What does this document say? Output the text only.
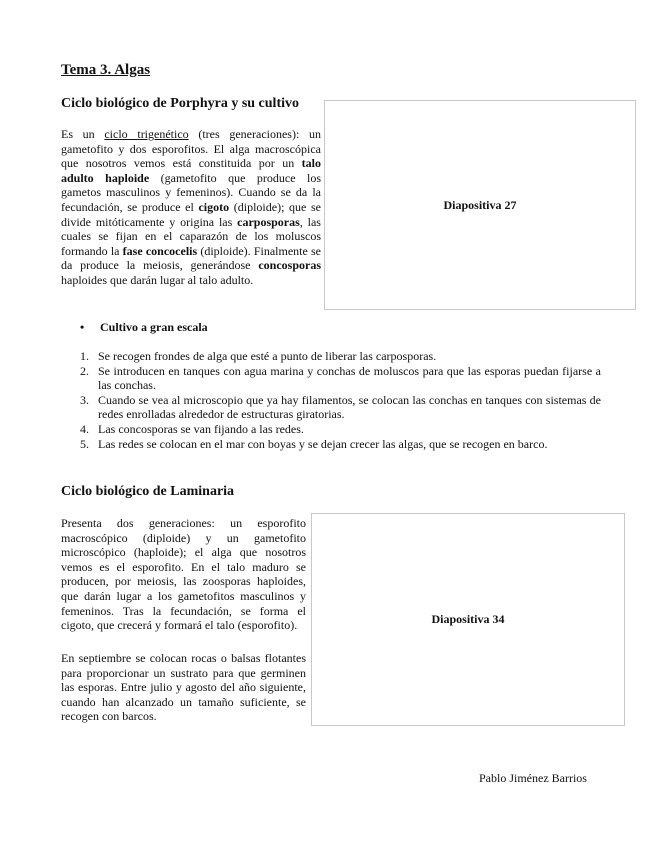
Tema 3. Algas
Ciclo biológico de Porphyra y su cultivo

Es un ciclo trigenético (tres generaciones): un gametofito y dos esporofitos. El alga macroscópica que nosotros vemos está constituida por un talo adulto haploide (gametofito que produce los gametos masculinos y femeninos). Cuando se da la fecundación, se produce el cigoto (diploide); que se divide mitóticamente y origina las carposporas, las cuales se fijan en el caparazón de los moluscos formando la fase concocelis (diploide). Finalmente se da produce la meiosis, generándose concosporas haploides que darán lugar al talo adulto.

Diapositiva 27
•	Cultivo a gran escala
1. Se recogen frondes de alga que esté a punto de liberar las carposporas.
2. Se introducen en tanques con agua marina y conchas de moluscos para que las esporas puedan fijarse a las conchas.
3. Cuando se vea al microscopio que ya hay filamentos, se colocan las conchas en tanques con sistemas de redes enrolladas alrededor de estructuras giratorias.
4. Las concosporas se van fijando a las redes.
5. Las redes se colocan en el mar con boyas y se dejan crecer las algas, que se recogen en barco.
Ciclo biológico de Laminaria

Presenta dos generaciones: un esporofito macroscópico (diploide) y un gametofito microscópico (haploide); el alga que nosotros vemos es el esporofito. En el talo maduro se producen, por meiosis, las zoosporas haploides, que darán lugar a los gametofitos masculinos y femeninos. Tras la fecundación, se forma el cigoto, que crecerá y formará el talo (esporofito).

En septiembre se colocan rocas o balsas flotantes para proporcionar un sustrato para que germinen las esporas. Entre julio y agosto del año siguiente, cuando han alcanzado un tamaño suficiente, se recogen con barcos.

Diapositiva 34

Pablo Jiménez Barrios
